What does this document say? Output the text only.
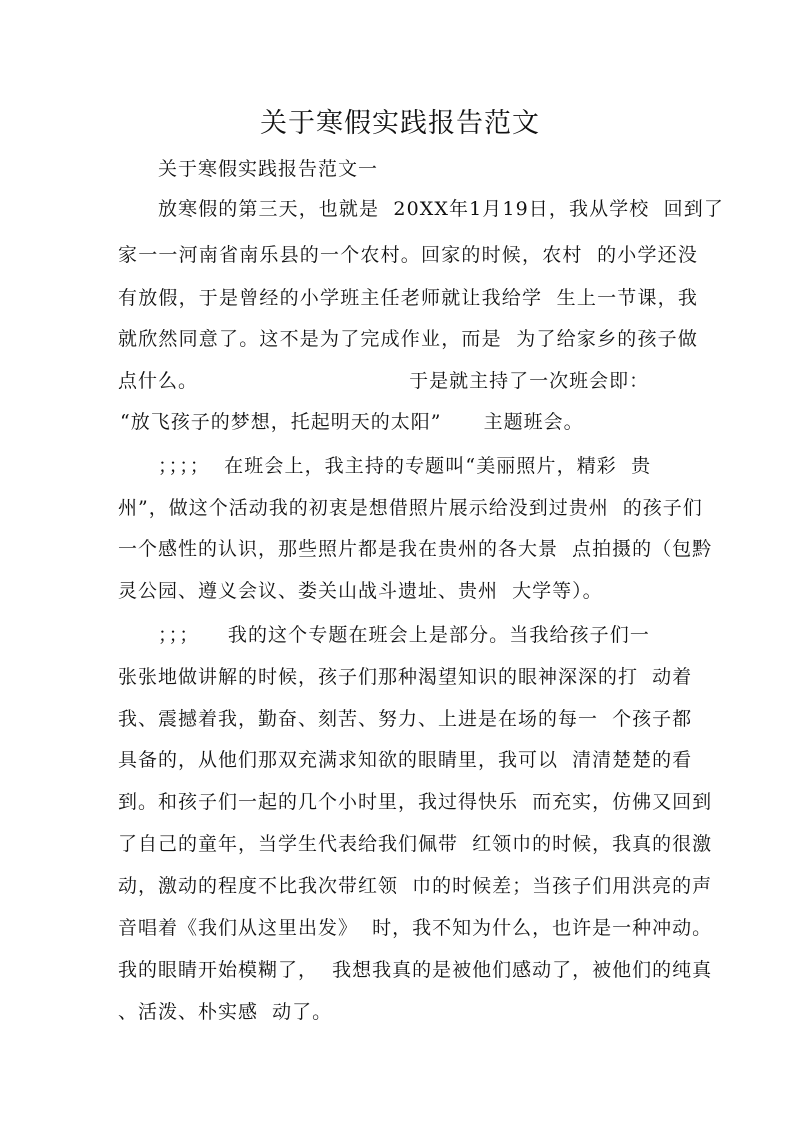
关于寒假实践报告范文
关于寒假实践报告范文一
放寒假的第三天，也就是  20XX年1月19日，我从学校  回到了
家一一河南省南乐县的一个农村。回家的时候，农村  的小学还没
有放假，于是曾经的小学班主任老师就让我给学  生上一节课，我
就欣然同意了。这不是为了完成作业，而是  为了给家乡的孩子做
点什么。                              于是就主持了一次班会即：
“放飞孩子的梦想，托起明天的太阳”      主题班会。
；；；；  在班会上，我主持的专题叫“美丽照片，精彩  贵
州”，做这个活动我的初衷是想借照片展示给没到过贵州  的孩子们
一个感性的认识，那些照片都是我在贵州的各大景  点拍摄的（包黔
灵公园、遵义会议、娄关山战斗遗址、贵州  大学等）。
；；；    我的这个专题在班会上是部分。当我给孩子们一
张张地做讲解的时候，孩子们那种渴望知识的眼神深深的打  动着
我、震撼着我，勤奋、刻苦、努力、上进是在场的每一  个孩子都
具备的，从他们那双充满求知欲的眼睛里，我可以  清清楚楚的看
到。和孩子们一起的几个小时里，我过得快乐  而充实，仿佛又回到
了自己的童年，当学生代表给我们佩带  红领巾的时候，我真的很激
动，激动的程度不比我次带红领  巾的时候差；当孩子们用洪亮的声
音唱着《我们从这里出发》  时，我不知为什么，也许是一种冲动。
我的眼睛开始模糊了，  我想我真的是被他们感动了，被他们的纯真
、活泼、朴实感  动了。
